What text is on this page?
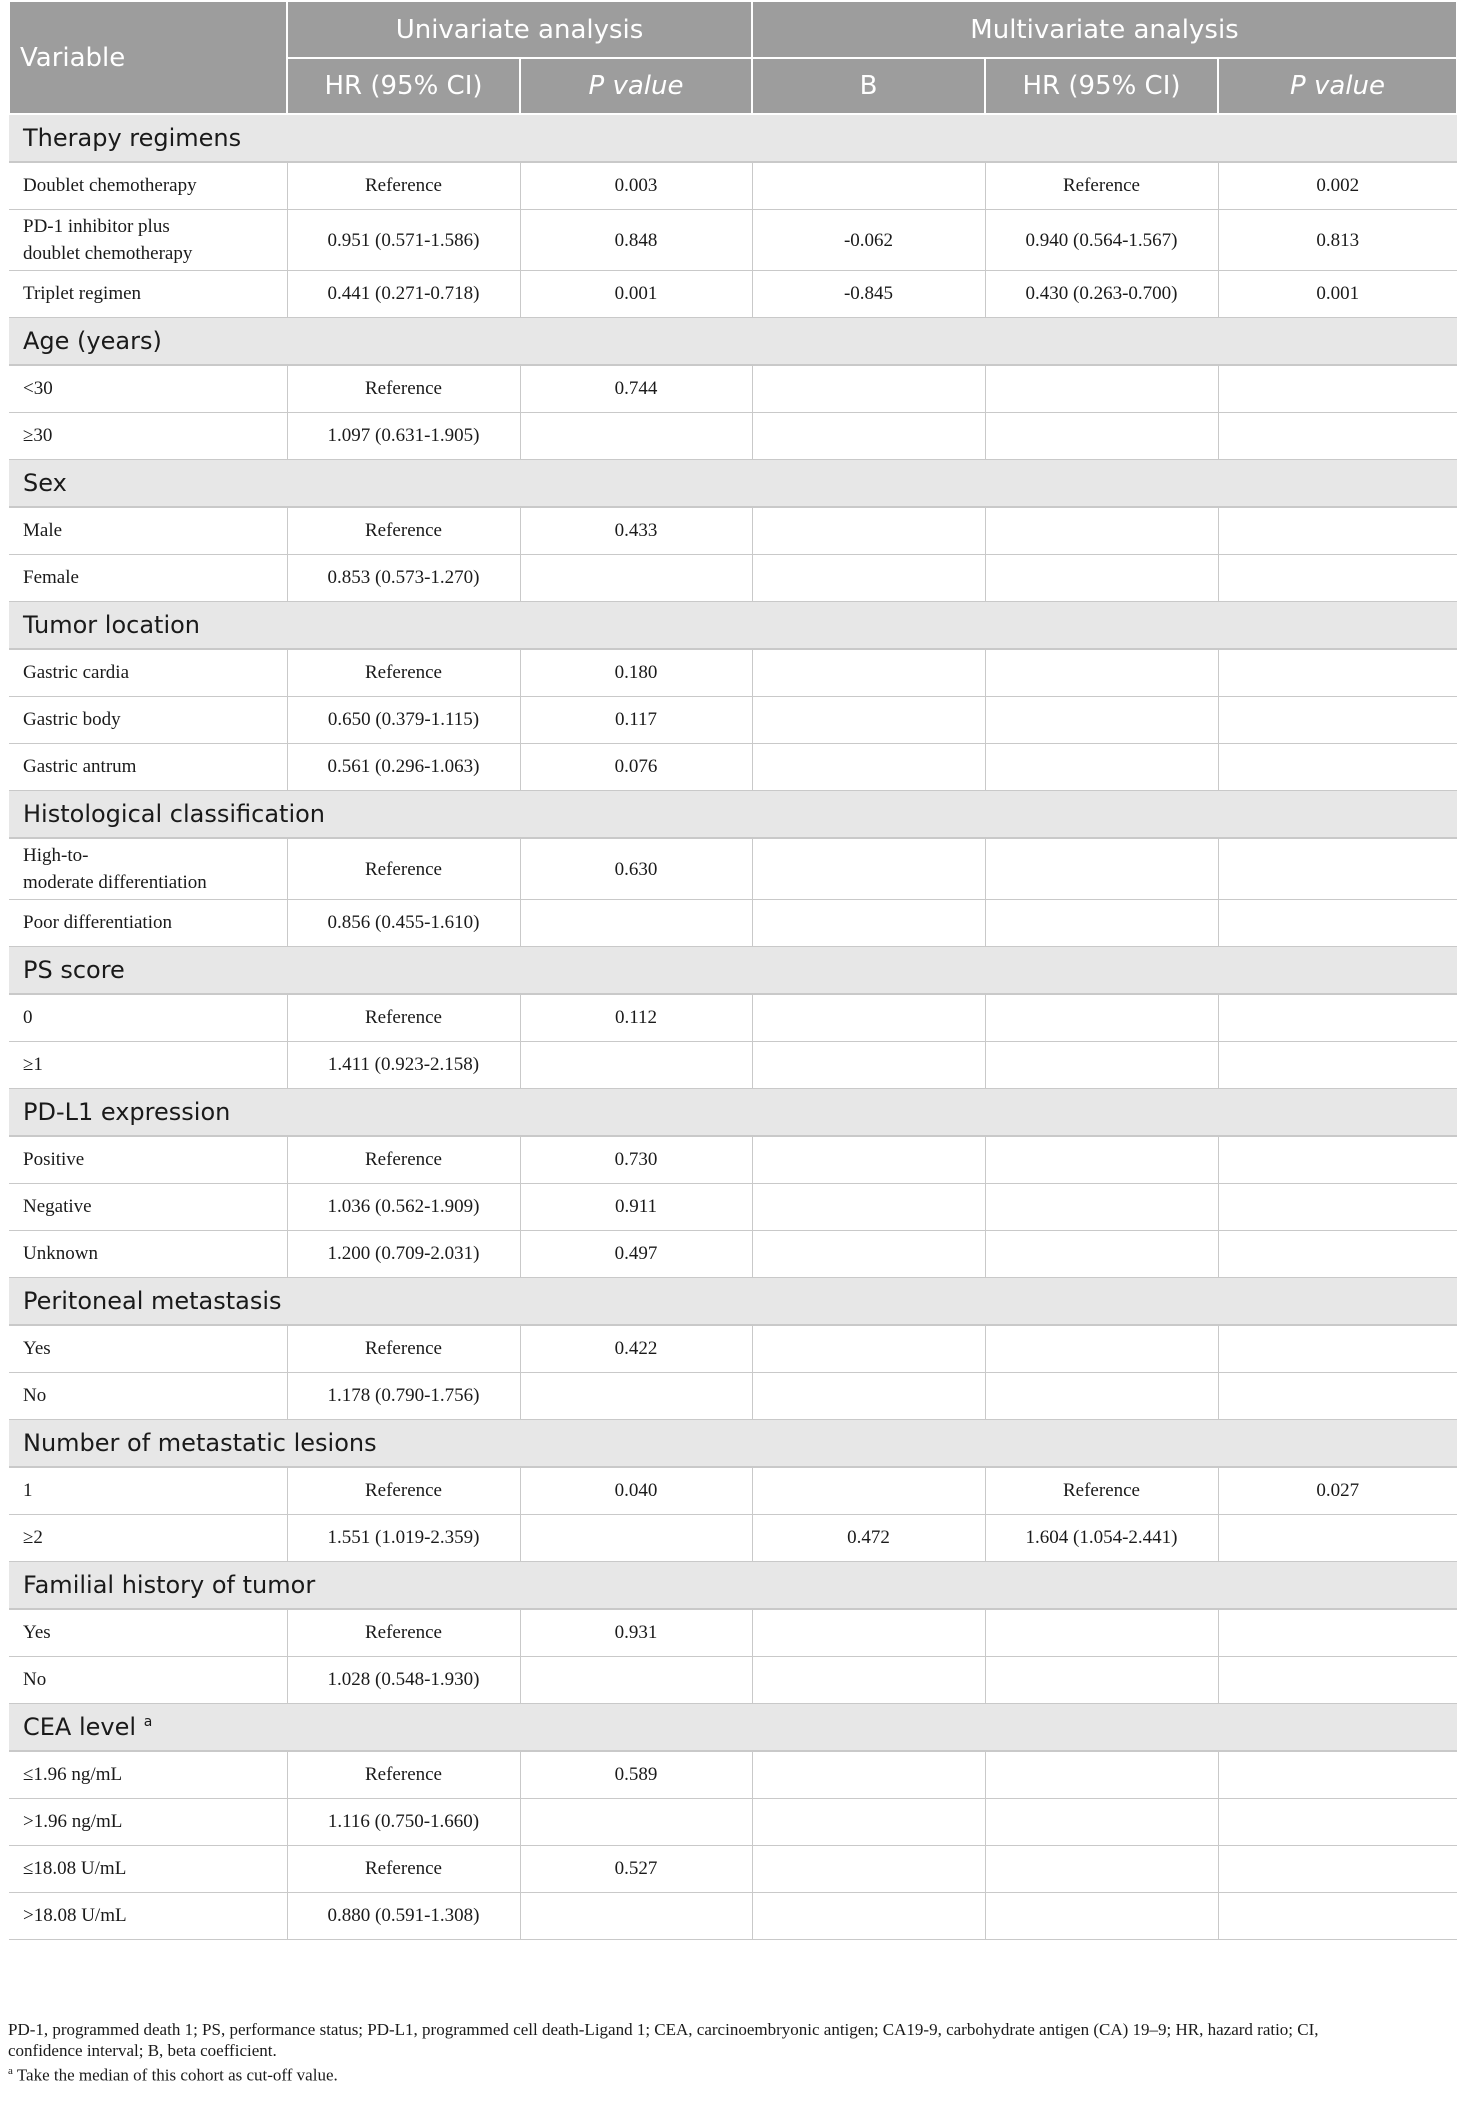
Variable	Univariate analysis		Multivariate analysis		
	HR (95% CI)	P value	B	HR (95% CI)	P value
Therapy regimens					
Doublet chemotherapy	Reference	0.003		Reference	0.002
PD-1 inhibitor plus
doublet chemotherapy	0.951 (0.571-1.586)	0.848	-0.062	0.940 (0.564-1.567)	0.813
Triplet regimen	0.441 (0.271-0.718)	0.001	-0.845	0.430 (0.263-0.700)	0.001
Age (years)					
<30	Reference	0.744			
≥30	1.097 (0.631-1.905)				
Sex					
Male	Reference	0.433			
Female	0.853 (0.573-1.270)				
Tumor location					
Gastric cardia	Reference	0.180			
Gastric body	0.650 (0.379-1.115)	0.117			
Gastric antrum	0.561 (0.296-1.063)	0.076			
Histological classification					
High-to-
moderate differentiation	Reference	0.630			
Poor differentiation	0.856 (0.455-1.610)				
PS score					
0	Reference	0.112			
≥1	1.411 (0.923-2.158)				
PD-L1 expression					
Positive	Reference	0.730			
Negative	1.036 (0.562-1.909)	0.911			
Unknown	1.200 (0.709-2.031)	0.497			
Peritoneal metastasis					
Yes	Reference	0.422			
No	1.178 (0.790-1.756)				
Number of metastatic lesions					
1	Reference	0.040		Reference	0.027
≥2	1.551 (1.019-2.359)		0.472	1.604 (1.054-2.441)	
Familial history of tumor					
Yes	Reference	0.931			
No	1.028 (0.548-1.930)				
CEA level $^a$
≤1.96 ng/mL	Reference	0.589			
>1.96 ng/mL	1.116 (0.750-1.660)				
≤18.08 U/mL	Reference	0.527			
>18.08 U/mL	0.880 (0.591-1.308)				
PD-1, programmed death 1; PS, performance status; PD-L1, programmed cell death-Ligand 1; CEA, carcinoembryonic antigen; CA19-9, carbohydrate antigen (CA) 19–9; HR, hazard ratio; CI,
confidence interval; B, beta coefficient.
$^a$ Take the median of this cohort as cut-off value.
